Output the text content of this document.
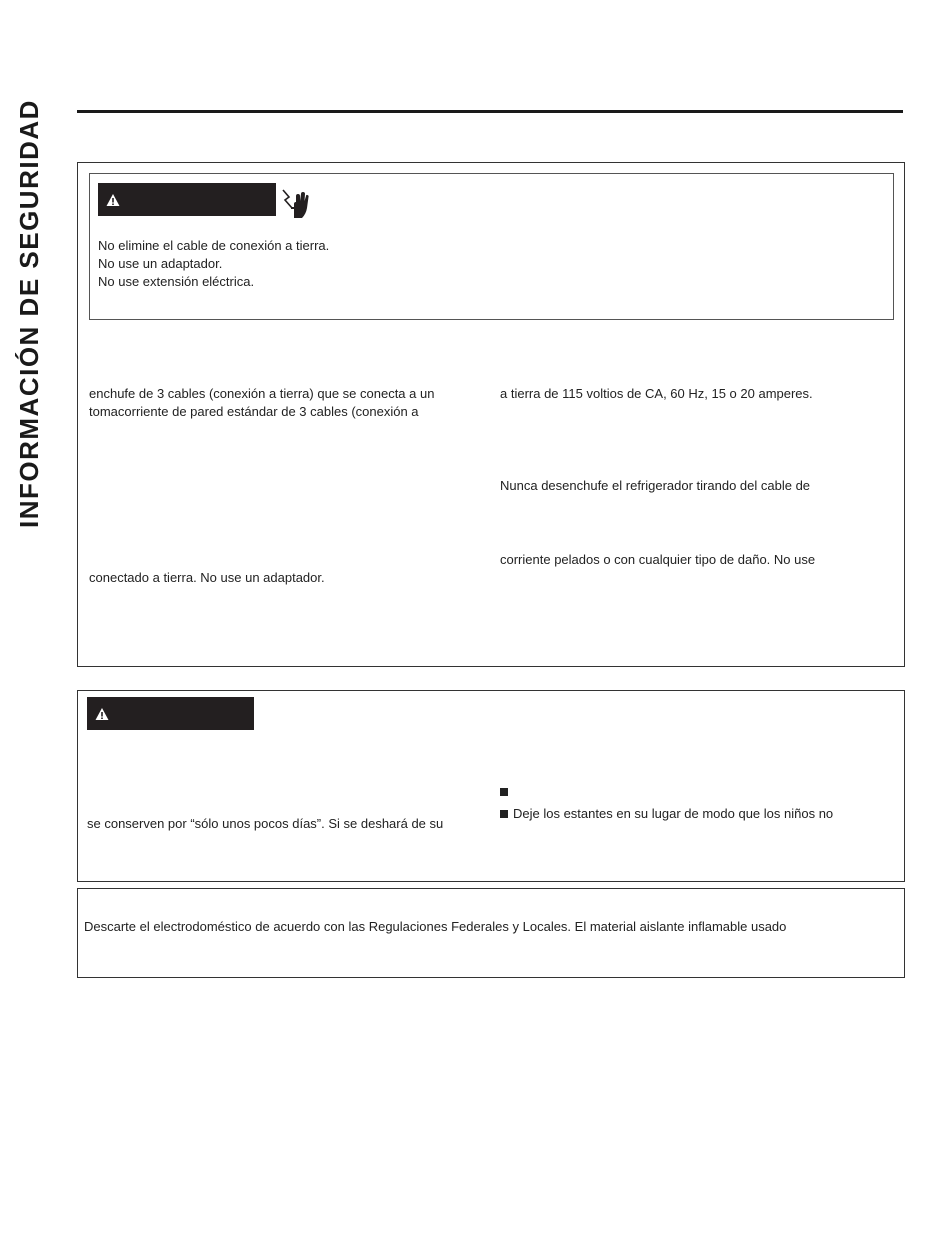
INFORMACIÓN DE SEGURIDAD	No elimine el cable de conexión a tierra.
No use un adaptador.
No use extensión eléctrica.
enchufe de 3 cables (conexión a tierra) que se conecta a un
tomacorriente de pared estándar de 3 cables (conexión a
conectado a tierra. No use un adaptador.
a tierra de 115 voltios de CA, 60 Hz, 15 o 20 amperes.
Nunca desenchufe el refrigerador tirando del cable de
corriente pelados o con cualquier tipo de daño. No use
se conserven por “sólo unos pocos días”. Si se deshará de su
Deje los estantes en su lugar de modo que los niños no
Descarte el electrodoméstico de acuerdo con las Regulaciones Federales y Locales. El material aislante inflamable usado
